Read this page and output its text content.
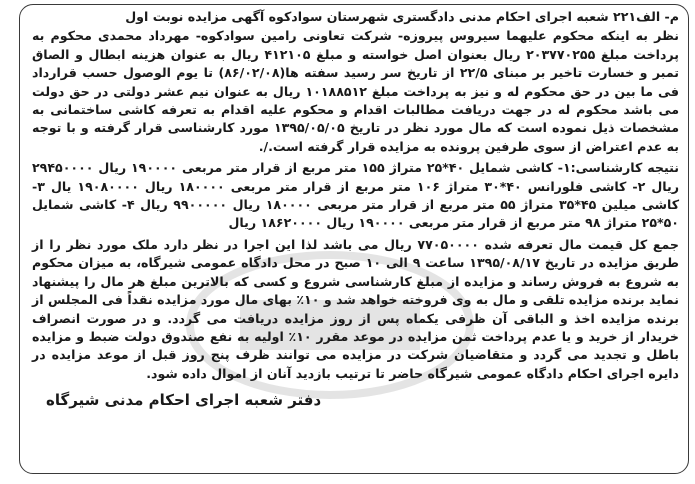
م- الف۲۲۱ شعبه اجرای احکام مدنی دادگستری شهرستان سوادکوه آگهی مزایده نوبت اول

نظر به اینکه محکوم علیهما سیروس پیروزه- شرکت تعاونی رامین سوادکوه- مهرداد محمدی محکوم به پرداخت مبلغ ۲۰۳۷۷۰۲۵۵ ریال بعنوان اصل خواسته و مبلغ ۴۱۲۱۰۵ ریال به عنوان هزینه ابطال و الصاق تمبر و خسارت تاخیر بر مبنای ۲۲/۵ از تاریخ سر رسید سفته ها(۸۶/۰۲/۰۸) تا یوم الوصول حسب قرارداد فی ما بین در حق محکوم له و نیز به پرداخت مبلغ ۱۰۱۸۸۵۱۲ ریال به عنوان نیم عشر دولتی در حق دولت می باشد محکوم له در جهت دریافت مطالبات اقدام و محکوم علیه اقدام به تعرفه کاشی ساختمانی به مشخصات ذیل نموده است که مال مورد نظر در تاریخ ۱۳۹۵/۰۵/۰۵ مورد کارشناسی قرار گرفته و با توجه به عدم اعتراض از سوی طرفین پرونده به مزایده قرار گرفته است./.

نتیجه کارشناسی:۱- کاشی شمایل ۴۰*۲۵ متراژ ۱۵۵ متر مربع از قرار متر مربعی ۱۹۰۰۰۰ ریال ۲۹۴۵۰۰۰۰ ریال ۲- کاشی فلورانس ۴۰*۳۰ متراژ ۱۰۶ متر مربع از قرار متر مربعی ۱۸۰۰۰۰ ریال ۱۹۰۸۰۰۰۰ یال ۳- کاشی میلین ۴۵*۳۵ متراژ ۵۵ متر مربع از قرار متر مربعی ۱۸۰۰۰۰ ریال ۹۹۰۰۰۰۰ ریال ۴- کاشی شمایل ۵۰*۲۵ متراژ ۹۸ متر مربع از قرار متر مربعی ۱۹۰۰۰۰ ریال ۱۸۶۲۰۰۰۰ ریال

جمع کل قیمت مال تعرفه شده ۷۷۰۵۰۰۰۰ ریال می باشد لذا این اجرا در نظر دارد ملک مورد نظر را از طریق مزایده در تاریخ ۱۳۹۵/۰۸/۱۷ ساعت ۹ الی ۱۰ صبح در محل دادگاه عمومی شیرگاه، به میزان محکوم به شروع به فروش رساند و مزایده از مبلغ کارشناسی شروع و کسی که بالاترین مبلغ هر مال را پیشنهاد نماید برنده مزایده تلقی و مال به وی فروخته خواهد شد و ۱۰٪ بهای مال مورد مزایده نقداً فی المجلس از برنده مزایده اخذ و الباقی آن ظرفی یکماه پس از روز مزایده دریافت می گردد. و در صورت انصراف خریدار از خرید و یا عدم پرداخت ثمن مزایده در موعد مقرر ۱۰٪ اولیه به نفع صندوق دولت ضبط و مزایده باطل و تجدید می گردد و متقاضیان شرکت در مزایده می توانند ظرف پنج روز قبل از موعد مزایده در دایره اجرای احکام دادگاه عمومی شیرگاه حاضر تا ترتیب بازدید آنان از اموال داده شود.

دفتر شعبه اجرای احکام مدنی شیرگاه
